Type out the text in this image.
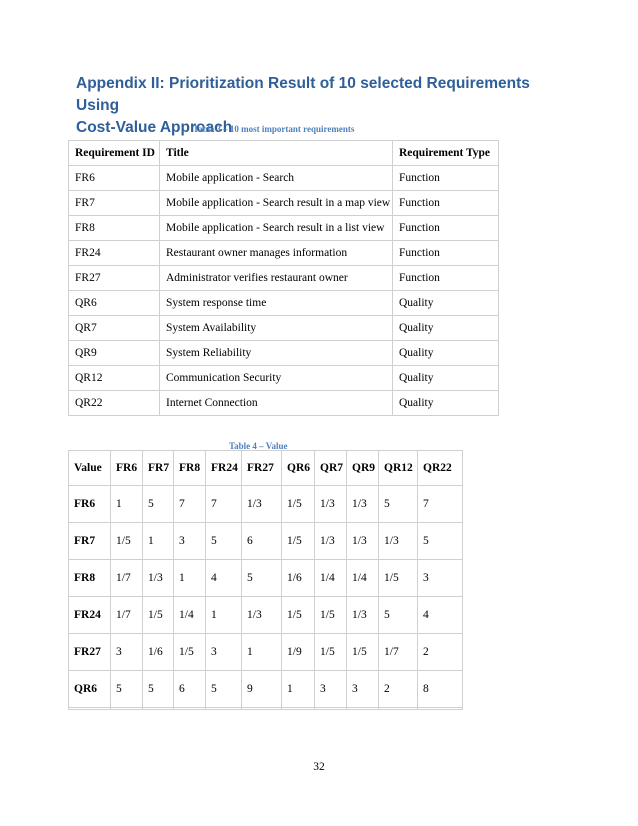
Appendix II: Prioritization Result of 10 selected Requirements Using
Cost-Value Approach
Table 3 – 10 most important requirements
Requirement ID	Title	Requirement Type
FR6	Mobile application - Search	Function
FR7	Mobile application - Search result in a map view	Function
FR8	Mobile application - Search result in a list view	Function
FR24	Restaurant owner manages information	Function
FR27	Administrator verifies restaurant owner	Function
QR6	System response time	Quality
QR7	System Availability	Quality
QR9	System Reliability	Quality
QR12	Communication Security	Quality
QR22	Internet Connection	Quality
Table 4 – Value
Value	FR6	FR7	FR8	FR24	FR27	QR6	QR7	QR9	QR12	QR22
FR6	1	5	7	7	1/3	1/5	1/3	1/3	5	7
FR7	1/5	1	3	5	6	1/5	1/3	1/3	1/3	5
FR8	1/7	1/3	1	4	5	1/6	1/4	1/4	1/5	3
FR24	1/7	1/5	1/4	1	1/3	1/5	1/5	1/3	5	4
FR27	3	1/6	1/5	3	1	1/9	1/5	1/5	1/7	2
QR6	5	5	6	5	9	1	3	3	2	8

32
